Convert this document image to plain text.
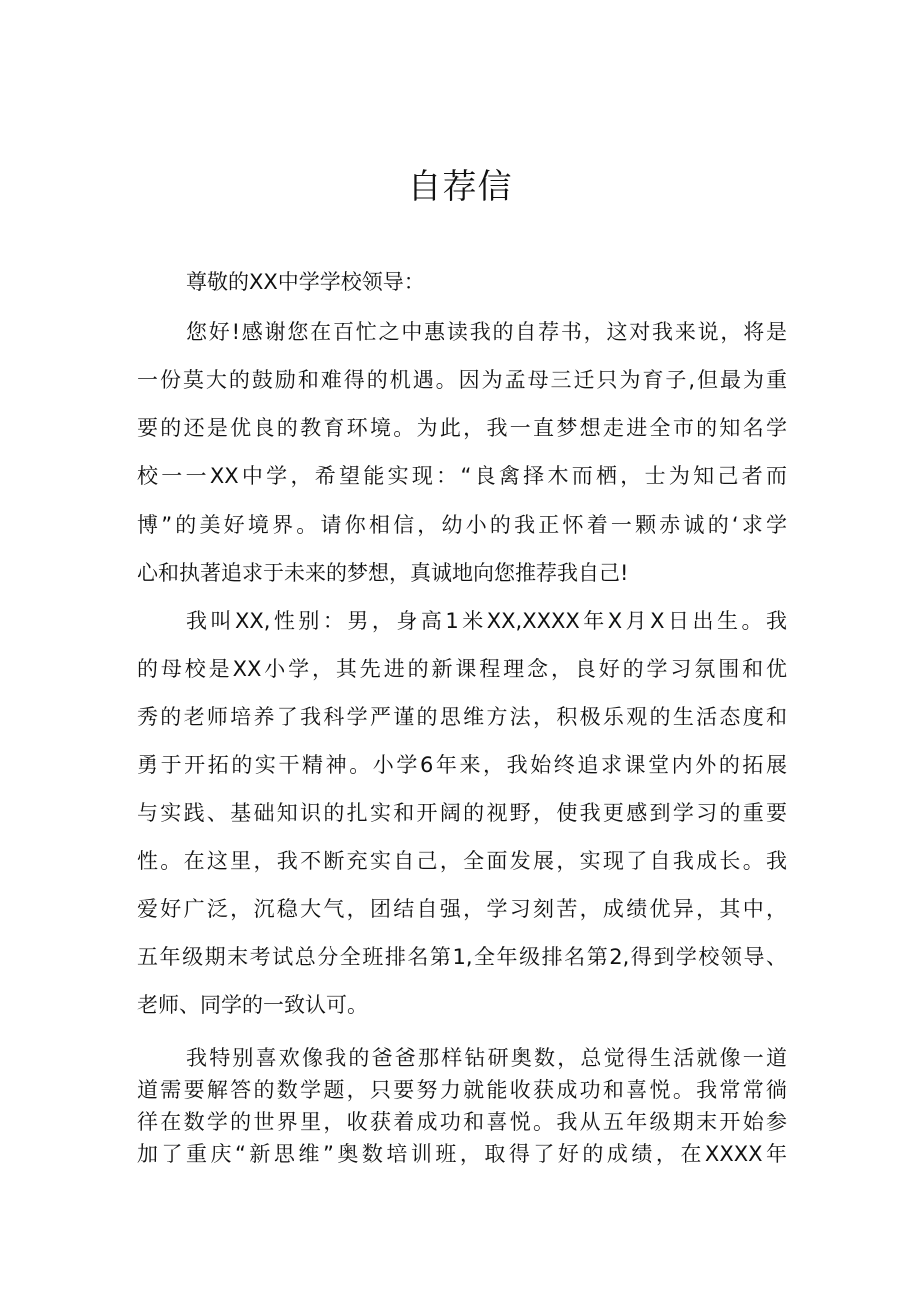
自荐信

尊敬的XX中学学校领导：

您好!感谢您在百忙之中惠读我的自荐书，这对我来说，将是

一份莫大的鼓励和难得的机遇。因为孟母三迁只为育子,但最为重

要的还是优良的教育环境。为此，我一直梦想走进全市的知名学

校一一XX中学，希望能实现：“良禽择木而栖，士为知己者而

博”的美好境界。请你相信，幼小的我正怀着一颗赤诚的‘求学

心和执著追求于未来的梦想，真诚地向您推荐我自己!

我叫XX,性别：男，身高1米XX,XXXX年X月X日出生。我

的母校是XX小学，其先进的新课程理念，良好的学习氛围和优

秀的老师培养了我科学严谨的思维方法，积极乐观的生活态度和

勇于开拓的实干精神。小学6年来，我始终追求课堂内外的拓展

与实践、基础知识的扎实和开阔的视野，使我更感到学习的重要

性。在这里，我不断充实自己，全面发展，实现了自我成长。我

爱好广泛，沉稳大气，团结自强，学习刻苦，成绩优异，其中，

五年级期末考试总分全班排名第1,全年级排名第2,得到学校领导、

老师、同学的一致认可。

我特别喜欢像我的爸爸那样钻研奥数，总觉得生活就像一道

道需要解答的数学题，只要努力就能收获成功和喜悦。我常常徜

徉在数学的世界里，收获着成功和喜悦。我从五年级期末开始参

加了重庆“新思维”奥数培训班，取得了好的成绩，在XXXX年
